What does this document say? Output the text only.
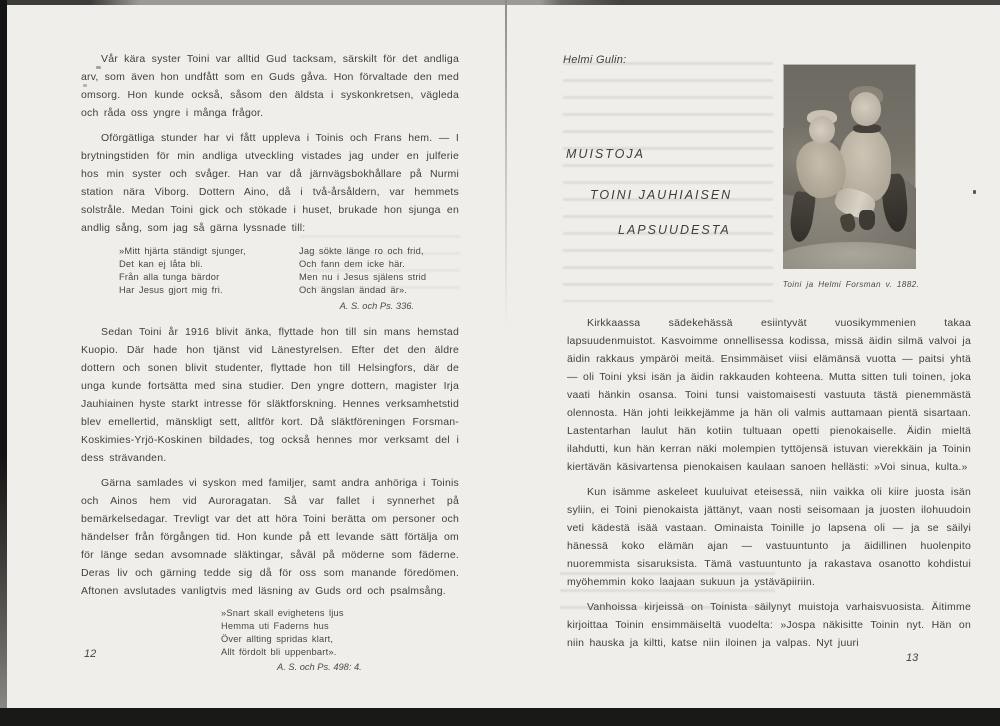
Vår kära syster Toini var alltid Gud tacksam, särskilt för det andliga arv, som även hon undfått som en Guds gåva. Hon förvaltade den med omsorg. Hon kunde också, såsom den äldsta i syskonkretsen, vägleda och råda oss yngre i många frågor.

Oförgätliga stunder har vi fått uppleva i Toinis och Frans hem. — I brytningstiden för min andliga utveckling vistades jag under en julferie hos min syster och svåger. Han var då järnvägsbokhållare på Nurmi station nära Viborg. Dottern Aino, då i två-årsåldern, var hemmets solstråle. Medan Toini gick och stökade i huset, brukade hon sjunga en andlig sång, som jag så gärna lyssnade till:

»Mitt hjärta ständigt sjunger,
Det kan ej låta bli.
Från alla tunga bärdor
Har Jesus gjort mig fri.
Jag sökte länge ro och frid,
Och fann dem icke här.
Men nu i Jesus själens strid
Och ängslan ändad är».
A. S. och Ps. 336.

Sedan Toini år 1916 blivit änka, flyttade hon till sin mans hemstad Kuopio. Där hade hon tjänst vid Länestyrelsen. Efter det den äldre dottern och sonen blivit studenter, flyttade hon till Helsingfors, där de unga kunde fortsätta med sina studier. Den yngre dottern, magister Irja Jauhiainen hyste starkt intresse för släktforskning. Hennes verksamhetstid blev emellertid, mänskligt sett, alltför kort. Då släktföreningen Forsman-Koskimies-Yrjö-Koskinen bildades, tog också hennes mor verksamt del i dess strävanden.

Gärna samlades vi syskon med familjer, samt andra anhöriga i Toinis och Ainos hem vid Auroragatan. Så var fallet i synnerhet på bemärkelsedagar. Trevligt var det att höra Toini berätta om personer och händelser från förgången tid. Hon kunde på ett levande sätt förtälja om för länge sedan avsomnade släktingar, såväl på möderne som fäderne. Deras liv och gärning tedde sig då för oss som manande föredömen. Aftonen avslutades vanligtvis med läsning av Guds ord och psalmsång.

»Snart skall evighetens ljus
Hemma uti Faderns hus
Över allting spridas klart,
Allt fördolt bli uppenbart».
A. S. och Ps. 498: 4.
12
Helmi Gulin:
MUISTOJA
TOINI JAUHIAISEN
LAPSUUDESTA
Toini ja Helmi Forsman v. 1882.

Kirkkaassa sädekehässä esiintyvät vuosikymmenien takaa lapsuudenmuistot. Kasvoimme onnellisessa kodissa, missä äidin silmä valvoi ja äidin rakkaus ympäröi meitä. Ensimmäiset viisi elämänsä vuotta — paitsi yhtä — oli Toini yksi isän ja äidin rakkauden kohteena. Mutta sitten tuli toinen, joka vaati hänkin osansa. Toini tunsi vaistomaisesti vastuuta tästä pienemmästä olennosta. Hän johti leikkejämme ja hän oli valmis auttamaan pientä sisartaan. Lastentarhan laulut hän kotiin tultuaan opetti pienokaiselle. Äidin mieltä ilahdutti, kun hän kerran näki molempien tyttöjensä istuvan vierekkäin ja Toinin kiertävän käsivartensa pienokaisen kaulaan sanoen hellästi: »Voi sinua, kulta.»

Kun isämme askeleet kuuluivat eteisessä, niin vaikka oli kiire juosta isän syliin, ei Toini pienokaista jättänyt, vaan nosti seisomaan ja juosten ilohuudoin veti kädestä isää vastaan. Ominaista Toinille jo lapsena oli — ja se säilyi hänessä koko elämän ajan — vastuuntunto ja äidillinen huolenpito nuoremmista sisaruksista. Tämä vastuuntunto ja rakastava osanotto kohdistui myöhemmin koko laajaan sukuun ja ystäväpiiriin.

Vanhoissa kirjeissä on Toinista säilynyt muistoja varhaisvuosista. Äitimme kirjoittaa Toinin ensimmäiseltä vuodelta: »Jospa näkisitte Toinin nyt. Hän on niin hauska ja kiltti, katse niin iloinen ja valpas. Nyt juuri

13
